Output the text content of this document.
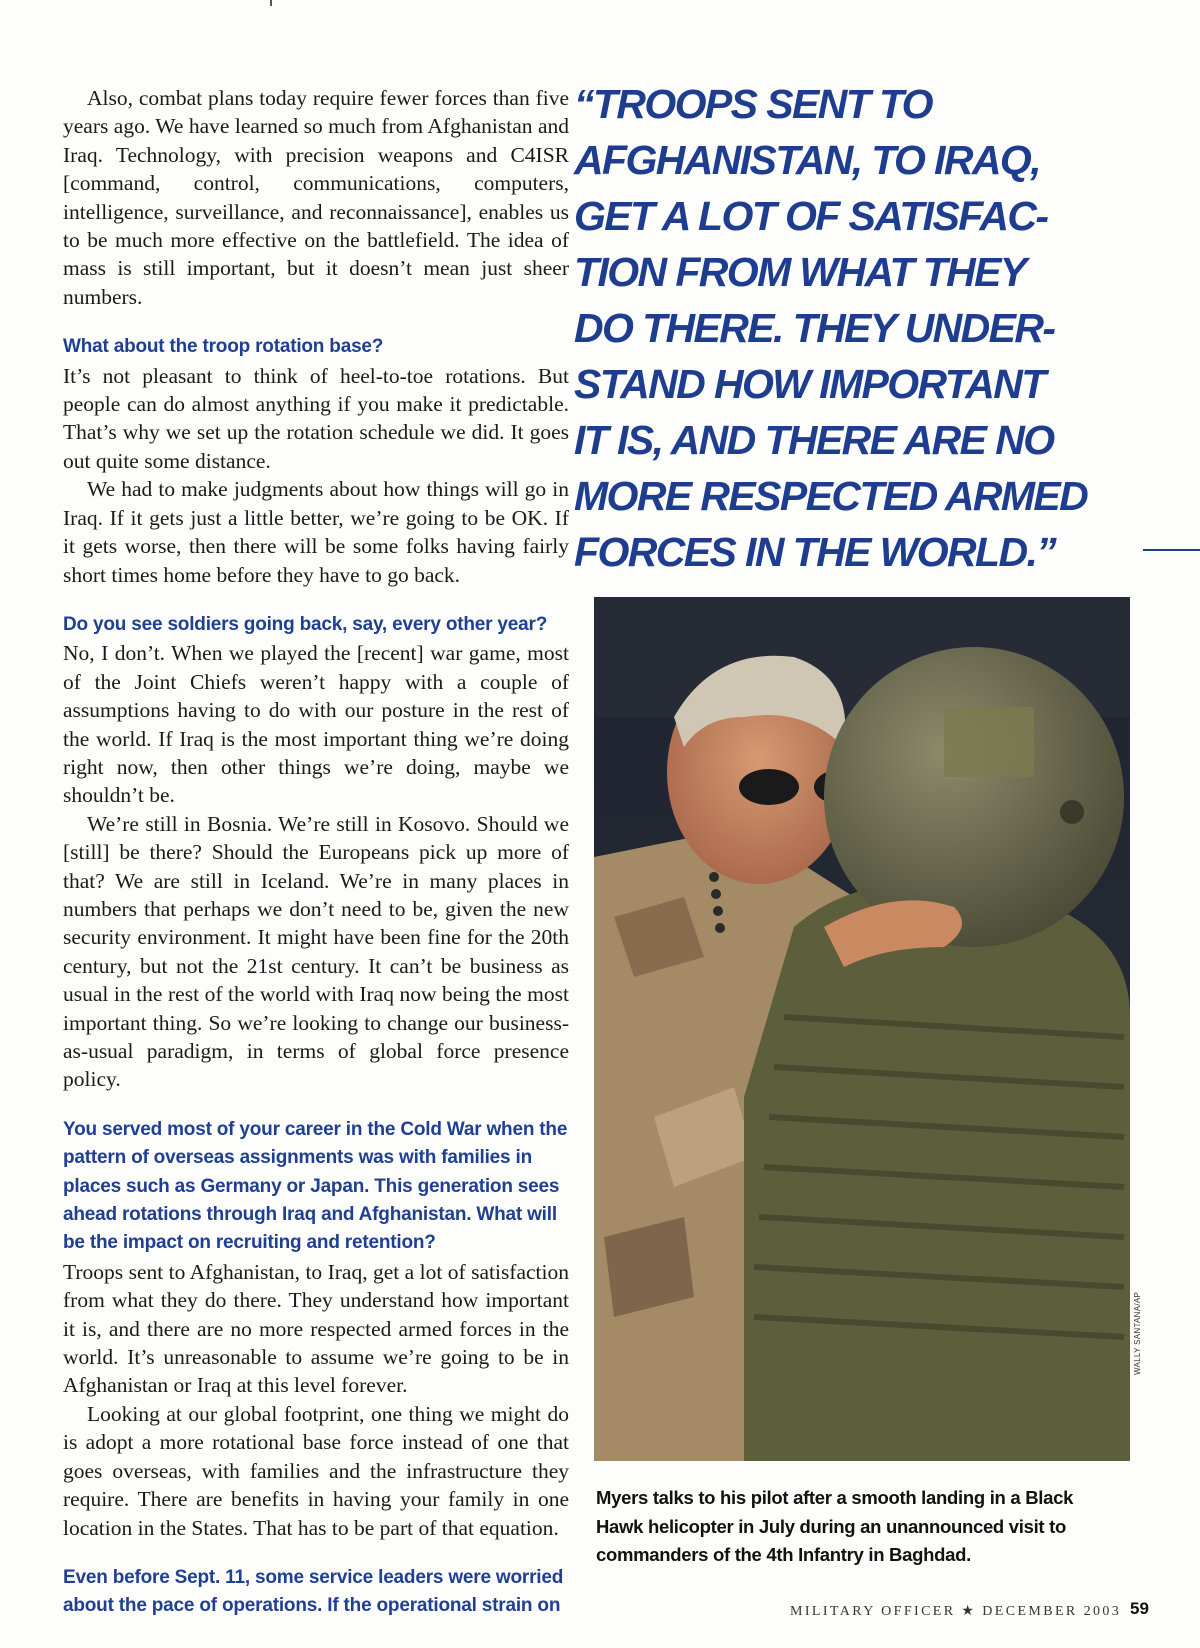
Also, combat plans today require fewer forces than five years ago. We have learned so much from Afghanistan and Iraq. Technology, with precision weapons and C4ISR [command, control, communications, computers, intelligence, surveillance, and reconnaissance], enables us to be much more effective on the battlefield. The idea of mass is still important, but it doesn’t mean just sheer numbers.

What about the troop rotation base?

It’s not pleasant to think of heel-to-toe rotations. But people can do almost anything if you make it predictable. That’s why we set up the rotation schedule we did. It goes out quite some distance.

We had to make judgments about how things will go in Iraq. If it gets just a little better, we’re going to be OK. If it gets worse, then there will be some folks having fairly short times home before they have to go back.

Do you see soldiers going back, say, every other year?

No, I don’t. When we played the [recent] war game, most of the Joint Chiefs weren’t happy with a couple of assumptions having to do with our posture in the rest of the world. If Iraq is the most important thing we’re doing right now, then other things we’re doing, maybe we shouldn’t be.

We’re still in Bosnia. We’re still in Kosovo. Should we [still] be there? Should the Europeans pick up more of that? We are still in Iceland. We’re in many places in numbers that perhaps we don’t need to be, given the new security environment. It might have been fine for the 20th century, but not the 21st century. It can’t be business as usual in the rest of the world with Iraq now being the most important thing. So we’re looking to change our business-as-usual paradigm, in terms of global force presence policy.

You served most of your career in the Cold War when the pattern of overseas assignments was with families in places such as Germany or Japan. This generation sees ahead rotations through Iraq and Afghanistan. What will be the impact on recruiting and retention?

Troops sent to Afghanistan, to Iraq, get a lot of satisfaction from what they do there. They understand how important it is, and there are no more respected armed forces in the world. It’s unreasonable to assume we’re going to be in Afghanistan or Iraq at this level forever.

Looking at our global footprint, one thing we might do is adopt a more rotational base force instead of one that goes overseas, with families and the infrastructure they require. There are benefits in having your family in one location in the States. That has to be part of that equation.

Even before Sept. 11, some service leaders were worried about the pace of operations. If the operational strain on
“TROOPS SENT TO
AFGHANISTAN, TO IRAQ,
GET A LOT OF SATISFAC-
TION FROM WHAT THEY
DO THERE. THEY UNDER-
STAND HOW IMPORTANT
IT IS, AND THERE ARE NO
MORE RESPECTED ARMED
FORCES IN THE WORLD.”
WALLY SANTANA/AP
Myers talks to his pilot after a smooth landing in a Black Hawk helicopter in July during an unannounced visit to commanders of the 4th Infantry in Baghdad.
MILITARY OFFICER ★ DECEMBER 2003 59
